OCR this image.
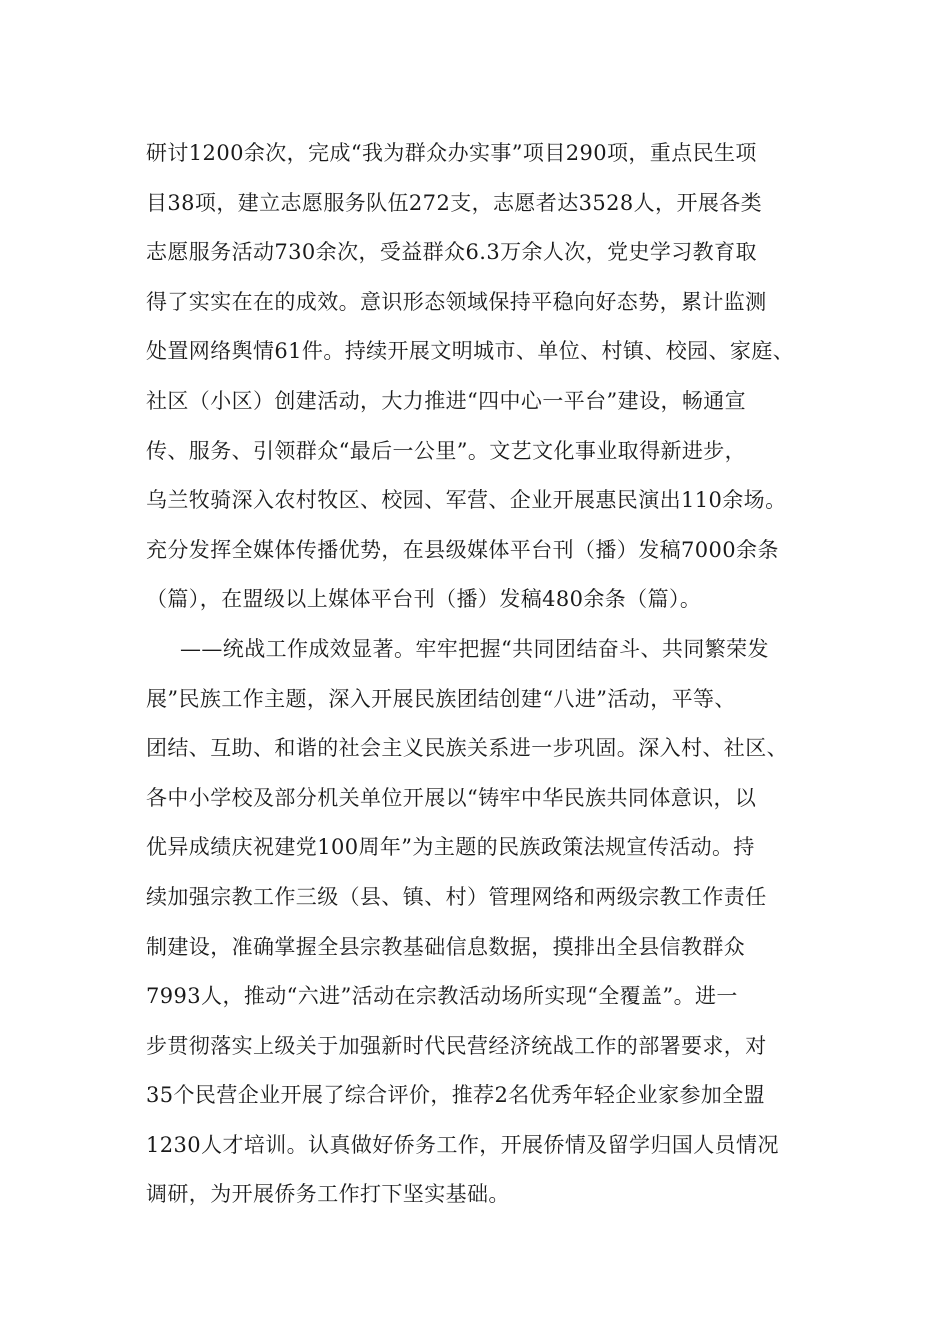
研讨1200余次，完成“我为群众办实事”项目290项，重点民生项
目38项，建立志愿服务队伍272支，志愿者达3528人，开展各类
志愿服务活动730余次，受益群众6.3万余人次，党史学习教育取
得了实实在在的成效。意识形态领域保持平稳向好态势，累计监测
处置网络舆情61件。持续开展文明城市、单位、村镇、校园、家庭、
社区（小区）创建活动，大力推进“四中心一平台”建设，畅通宣
传、服务、引领群众“最后一公里”。文艺文化事业取得新进步，
乌兰牧骑深入农村牧区、校园、军营、企业开展惠民演出110余场。
充分发挥全媒体传播优势，在县级媒体平台刊（播）发稿7000余条
（篇），在盟级以上媒体平台刊（播）发稿480余条（篇）。
——统战工作成效显著。牢牢把握“共同团结奋斗、共同繁荣发
展”民族工作主题，深入开展民族团结创建“八进”活动，平等、
团结、互助、和谐的社会主义民族关系进一步巩固。深入村、社区、
各中小学校及部分机关单位开展以“铸牢中华民族共同体意识，以
优异成绩庆祝建党100周年”为主题的民族政策法规宣传活动。持
续加强宗教工作三级（县、镇、村）管理网络和两级宗教工作责任
制建设，准确掌握全县宗教基础信息数据，摸排出全县信教群众
7993人，推动“六进”活动在宗教活动场所实现“全覆盖”。进一
步贯彻落实上级关于加强新时代民营经济统战工作的部署要求，对
35个民营企业开展了综合评价，推荐2名优秀年轻企业家参加全盟
1230人才培训。认真做好侨务工作，开展侨情及留学归国人员情况
调研，为开展侨务工作打下坚实基础。
